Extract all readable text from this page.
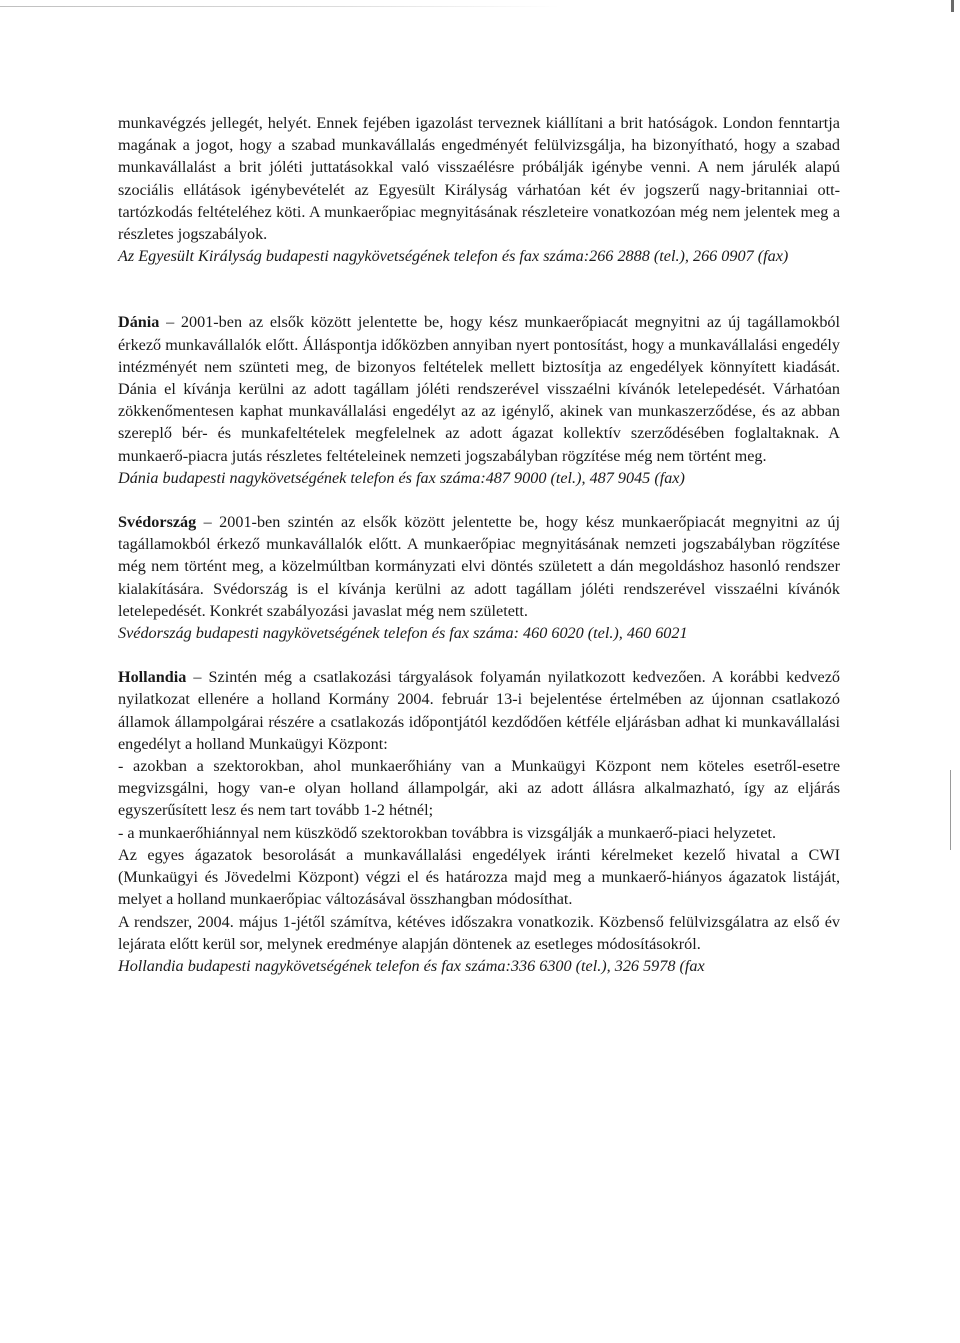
munkavégzés jellegét, helyét. Ennek fejében igazolást terveznek kiállítani a brit hatóságok. London fenntartja magának a jogot, hogy a szabad munkavállalás engedményét felülvizsgálja, ha bizonyítható, hogy a szabad munkavállalást a brit jóléti juttatásokkal való visszaélésre próbálják igénybe venni. A nem járulék alapú szociális ellátások igénybevételét az Egyesült Királyság várhatóan két év jogszerű nagy-britanniai ott-tartózkodás feltételéhez köti. A munkaerőpiac megnyitásának részleteire vonatkozóan még nem jelentek meg a részletes jogszabályok.

Az Egyesült Királyság budapesti nagykövetségének telefon és fax száma:266 2888 (tel.), 266 0907 (fax)

Dánia – 2001-ben az elsők között jelentette be, hogy kész munkaerőpiacát megnyitni az új tagállamokból érkező munkavállalók előtt. Álláspontja időközben annyiban nyert pontosítást, hogy a munkavállalási engedély intézményét nem szünteti meg, de bizonyos feltételek mellett biztosítja az engedélyek könnyített kiadását. Dánia el kívánja kerülni az adott tagállam jóléti rendszerével visszaélni kívánók letelepedését. Várhatóan zökkenőmentesen kaphat munkavállalási engedélyt az az igénylő, akinek van munkaszerződése, és az abban szereplő bér- és munkafeltételek megfelelnek az adott ágazat kollektív szerződésében foglaltaknak. A munkaerő-piacra jutás részletes feltételeinek nemzeti jogszabályban rögzítése még nem történt meg.

Dánia budapesti nagykövetségének telefon és fax száma:487 9000 (tel.), 487 9045 (fax)

Svédország – 2001-ben szintén az elsők között jelentette be, hogy kész munkaerőpiacát megnyitni az új tagállamokból érkező munkavállalók előtt. A munkaerőpiac megnyitásának nemzeti jogszabályban rögzítése még nem történt meg, a közelmúltban kormányzati elvi döntés született a dán megoldáshoz hasonló rendszer kialakítására. Svédország is el kívánja kerülni az adott tagállam jóléti rendszerével visszaélni kívánók letelepedését. Konkrét szabályozási javaslat még nem született.

Svédország budapesti nagykövetségének telefon és fax száma: 460 6020 (tel.), 460 6021

Hollandia – Szintén még a csatlakozási tárgyalások folyamán nyilatkozott kedvezően. A korábbi kedvező nyilatkozat ellenére a holland Kormány 2004. február 13-i bejelentése értelmében az újonnan csatlakozó államok állampolgárai részére a csatlakozás időpontjától kezdődően kétféle eljárásban adhat ki munkavállalási engedélyt a holland Munkaügyi Központ:

- azokban a szektorokban, ahol munkaerőhiány van a Munkaügyi Központ nem köteles esetről-esetre megvizsgálni, hogy van-e olyan holland állampolgár, aki az adott állásra alkalmazható, így az eljárás egyszerűsített lesz és nem tart tovább 1-2 hétnél;

- a munkaerőhiánnyal nem küszködő szektorokban továbbra is vizsgálják a munkaerő-piaci helyzetet.

Az egyes ágazatok besorolását a munkavállalási engedélyek iránti kérelmeket kezelő hivatal a CWI (Munkaügyi és Jövedelmi Központ) végzi el és határozza majd meg a munkaerő-hiányos ágazatok listáját, melyet a holland munkaerőpiac változásával összhangban módosíthat.

A rendszer, 2004. május 1-jétől számítva, kétéves időszakra vonatkozik. Közbenső felülvizsgálatra az első év lejárata előtt kerül sor, melynek eredménye alapján döntenek az esetleges módosításokról.

Hollandia budapesti nagykövetségének telefon és fax száma:336 6300 (tel.), 326 5978 (fax
